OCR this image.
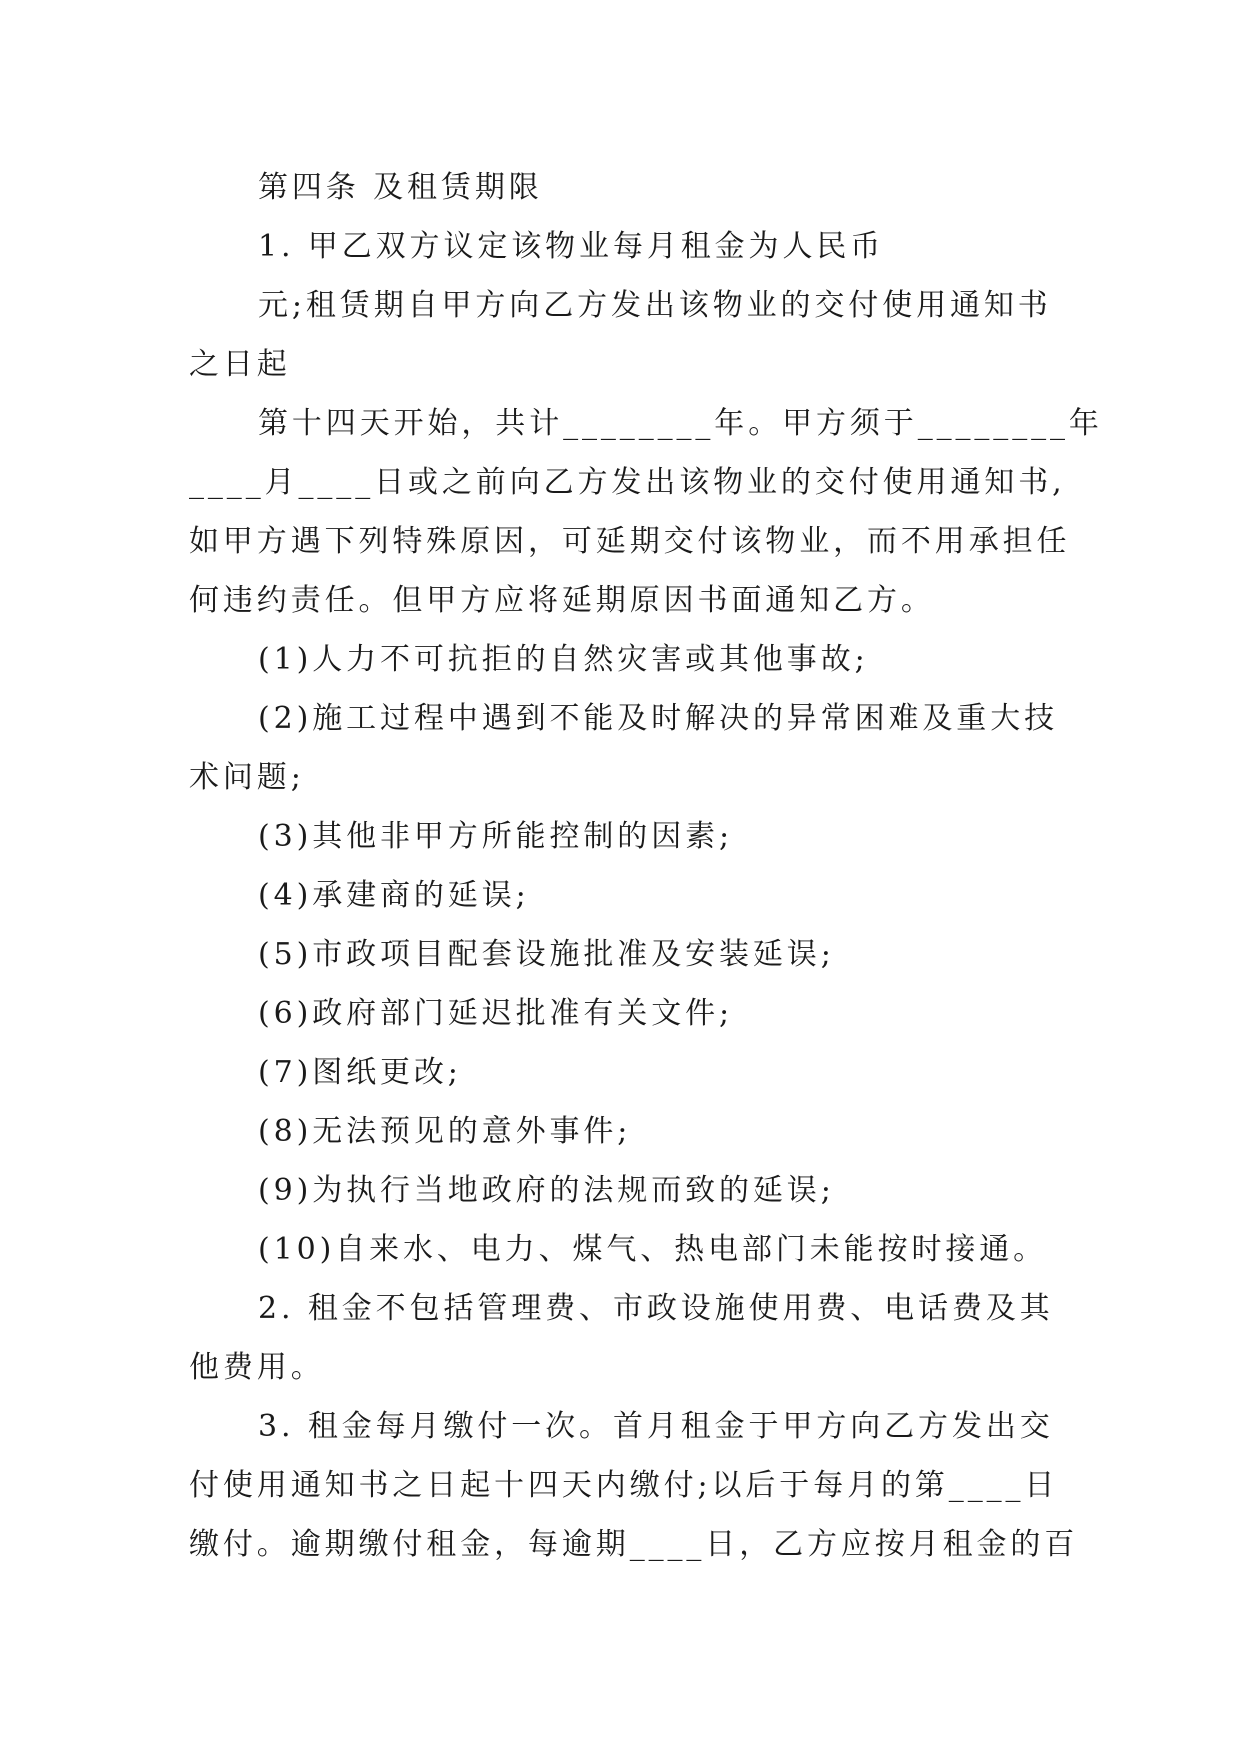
第四条 及租赁期限
1. 甲乙双方议定该物业每月租金为人民币
元;租赁期自甲方向乙方发出该物业的交付使用通知书
之日起
第十四天开始，共计________年。甲方须于________年
____月____日或之前向乙方发出该物业的交付使用通知书,
如甲方遇下列特殊原因，可延期交付该物业，而不用承担任
何违约责任。但甲方应将延期原因书面通知乙方。
(1)人力不可抗拒的自然灾害或其他事故;
(2)施工过程中遇到不能及时解决的异常困难及重大技
术问题;
(3)其他非甲方所能控制的因素;
(4)承建商的延误;
(5)市政项目配套设施批准及安装延误;
(6)政府部门延迟批准有关文件;
(7)图纸更改;
(8)无法预见的意外事件;
(9)为执行当地政府的法规而致的延误;
(10)自来水、电力、煤气、热电部门未能按时接通。
2. 租金不包括管理费、市政设施使用费、电话费及其
他费用。
3. 租金每月缴付一次。首月租金于甲方向乙方发出交
付使用通知书之日起十四天内缴付;以后于每月的第____日
缴付。逾期缴付租金，每逾期____日，乙方应按月租金的百
